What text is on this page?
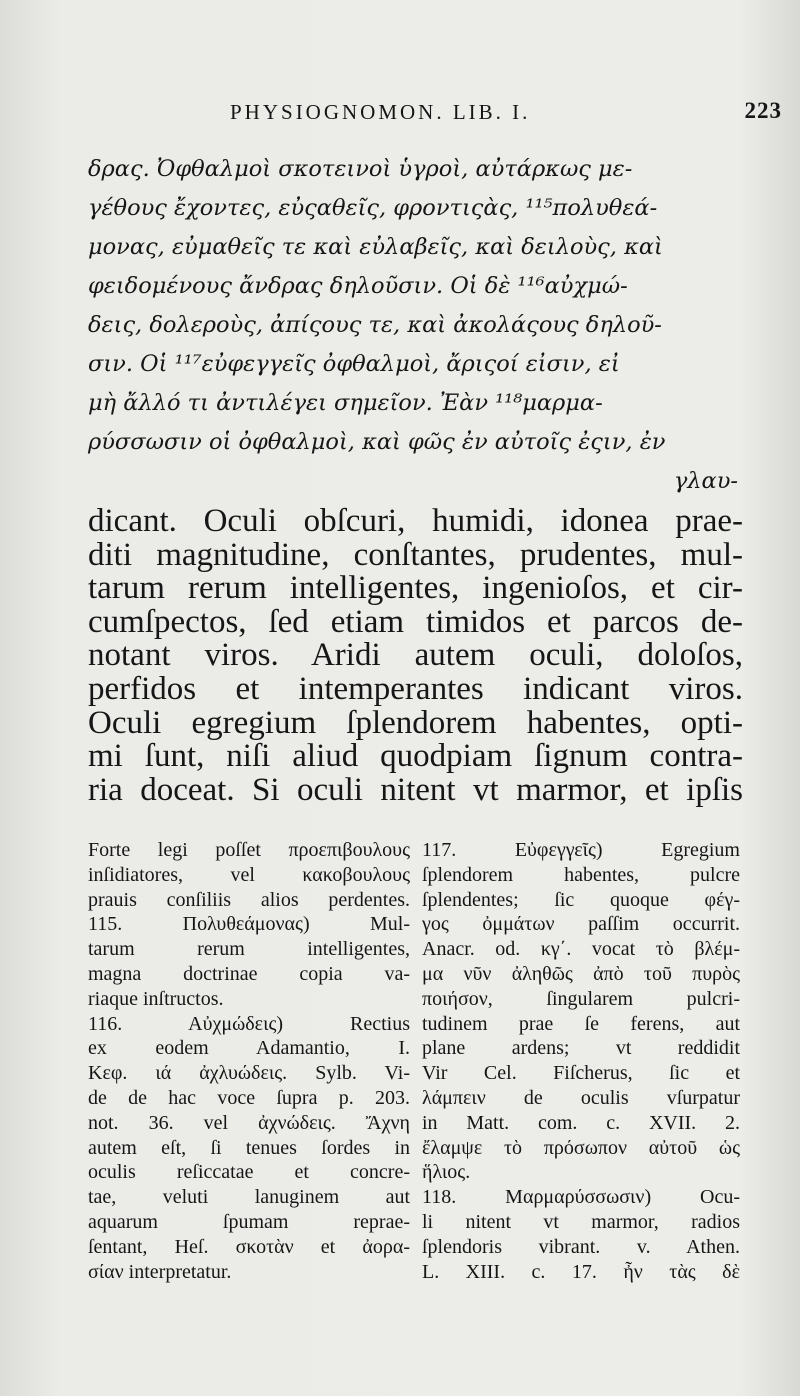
PHYSIOGNOMON. LIB. I.	223
δρας. Ὀφθαλμοὶ σκοτεινοὶ ὑγροὶ, αὐτάρκως με-
γέθους ἔχοντες, εὐςαθεῖς, φροντιςὰς, ¹¹⁵πολυθεά-
μονας, εὐμαθεῖς τε καὶ εὐλαβεῖς, καὶ δειλοὺς, καὶ
φειδομένους ἄνδρας δηλοῦσιν. Οἱ δὲ ¹¹⁶αὐχμώ-
δεις, δολεροὺς, ἀπίςους τε, καὶ ἀκολάςους δηλοῦ-
σιν. Οἱ ¹¹⁷εὐφεγγεῖς ὀφθαλμοὶ, ἄριςοί εἰσιν, εἰ
μὴ ἄλλό τι ἀντιλέγει σημεῖον. Ἐὰν ¹¹⁸μαρμα-
ρύσσωσιν οἱ ὀφθαλμοὶ, καὶ φῶς ἐν αὐτοῖς ἐςιν, ἐν
γλαυ-
dicant. Oculi obſcuri, humidi, idonea prae-
diti magnitudine, conſtantes, prudentes, mul-
tarum rerum intelligentes, ingenioſos, et cir-
cumſpectos, ſed etiam timidos et parcos de-
notant viros. Aridi autem oculi, doloſos,
perfidos et intemperantes indicant viros.
Oculi egregium ſplendorem habentes, opti-
mi ſunt, niſi aliud quodpiam ſignum contra-
ria doceat. Si oculi nitent vt marmor, et ipſis
Forte legi poſſet προεπιβουλους
inſidiatores, vel κακοβουλους
prauis conſiliis alios perdentes.
115. Πολυθεάμονας) Mul-
tarum rerum intelligentes,
magna doctrinae copia va-
riaque inſtructos.
116. Αὐχμώδεις) Rectius
ex eodem Adamantio, I.
Κεφ. ιά ἀχλυώδεις. Sylb. Vi-
de de hac voce ſupra p. 203.
not. 36. vel ἀχνώδεις. Ἄχνη
autem eſt, ſi tenues ſordes in
oculis reſiccatae et concre-
tae, veluti lanuginem aut
aquarum ſpumam reprae-
ſentant, Heſ. σκοτὰν et ἀορα-
σίαν interpretatur.
117. Εὐφεγγεῖς) Egregium
ſplendorem habentes, pulcre
ſplendentes; ſic quoque φέγ-
γος ὀμμάτων paſſim occurrit.
Anacr. od. κγ΄. vocat τὸ βλέμ-
μα νῦν ἀληθῶς ἀπὸ τοῦ πυρὸς
ποιήσον, ſingularem pulcri-
tudinem prae ſe ferens, aut
plane ardens; vt reddidit
Vir Cel. Fiſcherus, ſic et
λάμπειν de oculis vſurpatur
in Matt. com. c. XVII. 2.
ἔλαμψε τὸ πρόσωπον αὐτοῦ ὡς
ἥλιος.
118. Μαρμαρύσσωσιν) Ocu-
li nitent vt marmor, radios
ſplendoris vibrant. v. Athen.
L. XIII. c. 17. ἦν τὰς δὲ
